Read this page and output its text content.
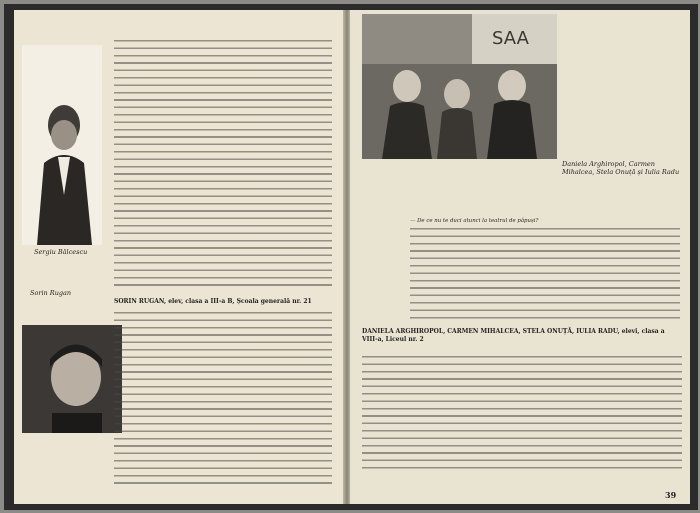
Sergiu Bălcescu
Sorin Rugan
SORIN RUGAN, elev, clasa a III-a B, Școala generală nr. 21
SAA
Daniela Arghiropol, Carmen Mihalcea, Stela Onuță și Iulia Radu
— De ce nu te duci atunci la teatrul de păpuși?
DANIELA ARGHIROPOL, CARMEN MIHALCEA, STELA ONUȚĂ, IULIA RADU, elevi, clasa a VIII-a, Liceul nr. 2
39
